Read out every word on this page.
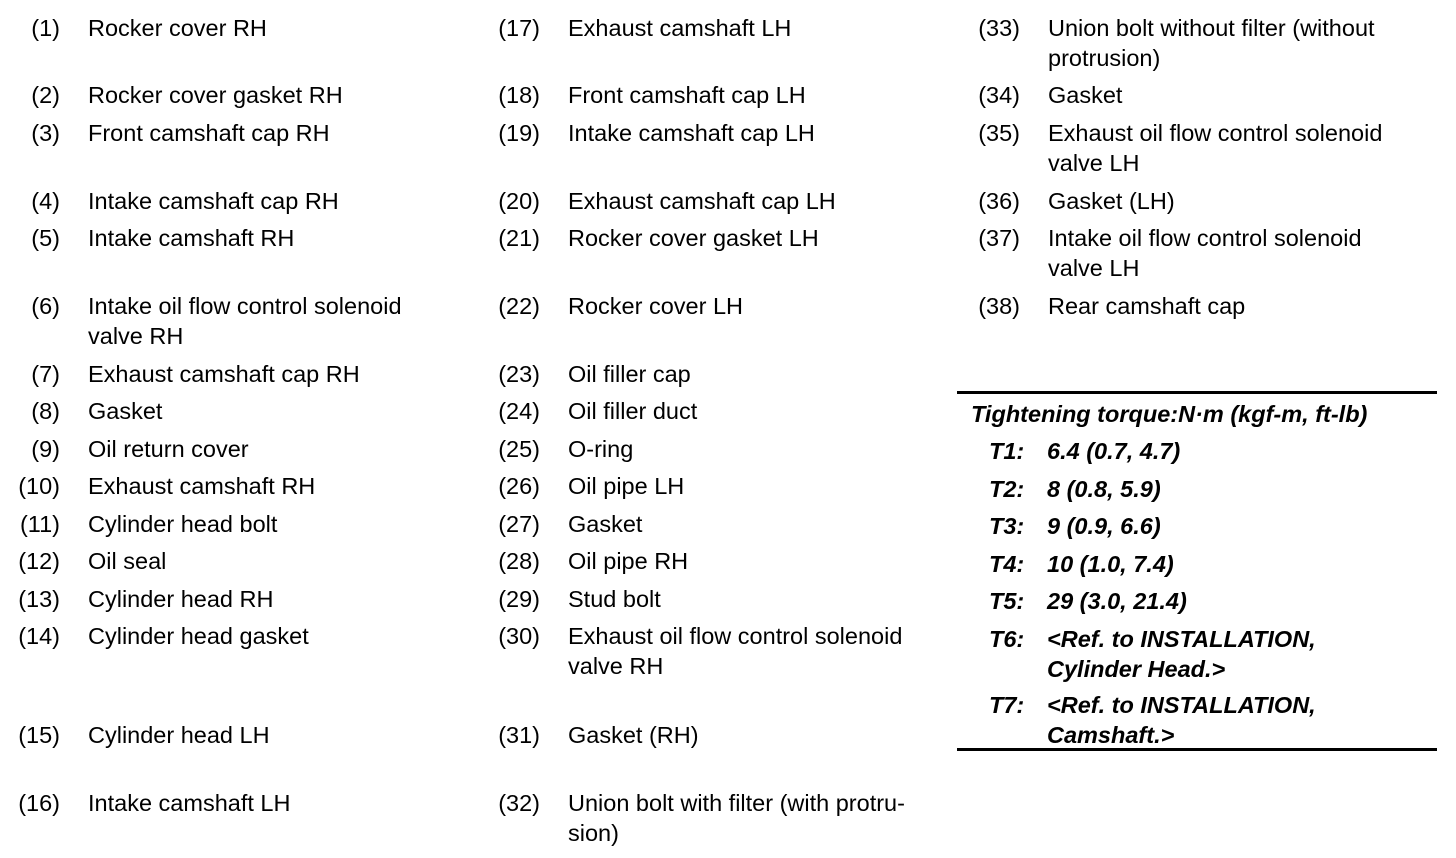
(1) Rocker cover RH
(2) Rocker cover gasket RH
(3) Front camshaft cap RH
(4) Intake camshaft cap RH
(5) Intake camshaft RH
(6) Intake oil flow control solenoid
valve RH
(7) Exhaust camshaft cap RH
(8) Gasket
(9) Oil return cover
(10) Exhaust camshaft RH
(11) Cylinder head bolt
(12) Oil seal
(13) Cylinder head RH
(14) Cylinder head gasket
(15) Cylinder head LH
(16) Intake camshaft LH
(17) Exhaust camshaft LH
(18) Front camshaft cap LH
(19) Intake camshaft cap LH
(20) Exhaust camshaft cap LH
(21) Rocker cover gasket LH
(22) Rocker cover LH
(23) Oil filler cap
(24) Oil filler duct
(25) O-ring
(26) Oil pipe LH
(27) Gasket
(28) Oil pipe RH
(29) Stud bolt
(30) Exhaust oil flow control solenoid
valve RH
(31) Gasket (RH)
(32) Union bolt with filter (with protru-
sion)
(33) Union bolt without filter (without
protrusion)
(34) Gasket
(35) Exhaust oil flow control solenoid
valve LH
(36) Gasket (LH)
(37) Intake oil flow control solenoid
valve LH
(38) Rear camshaft cap
Tightening torque:N·m (kgf-m, ft-lb)
T1: 6.4 (0.7, 4.7)
T2: 8 (0.8, 5.9)
T3: 9 (0.9, 6.6)
T4: 10 (1.0, 7.4)
T5: 29 (3.0, 21.4)
T6: <Ref. to INSTALLATION,
Cylinder Head.>
T7: <Ref. to INSTALLATION,
Camshaft.>
